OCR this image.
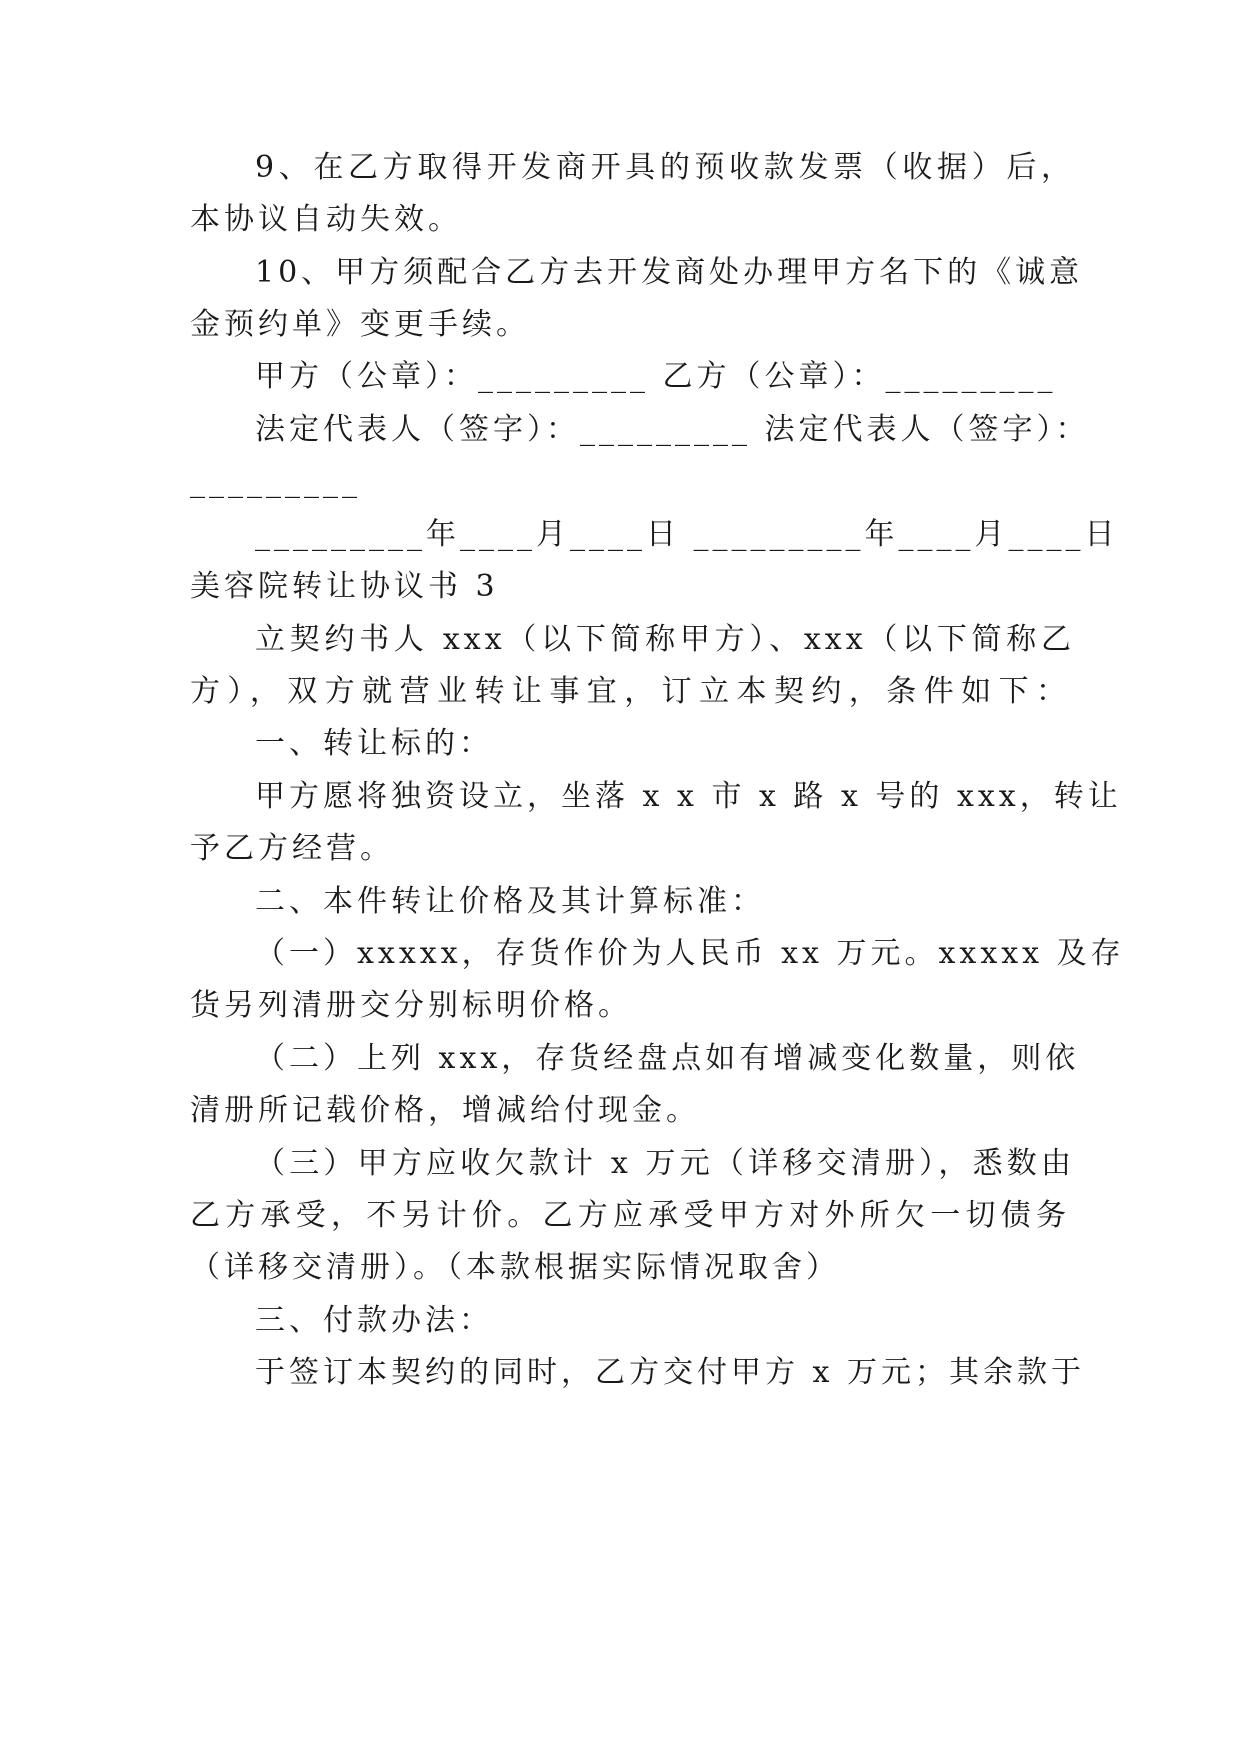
9、在乙方取得开发商开具的预收款发票（收据）后，
本协议自动失效。
10、甲方须配合乙方去开发商处办理甲方名下的《诚意
金预约单》变更手续。
甲方（公章）：_________ 乙方（公章）：_________
法定代表人（签字）：_________ 法定代表人（签字）：
_________
_________年____月____日 _________年____月____日
美容院转让协议书 3
立契约书人 xxx（以下简称甲方）、xxx（以下简称乙
方），双方就营业转让事宜，订立本契约，条件如下：
一、转让标的：
甲方愿将独资设立，坐落 x x 市 x 路 x 号的 xxx，转让
予乙方经营。
二、本件转让价格及其计算标准：
（一）xxxxx，存货作价为人民币 xx 万元。xxxxx 及存
货另列清册交分别标明价格。
（二）上列 xxx，存货经盘点如有增减变化数量，则依
清册所记载价格，增减给付现金。
（三）甲方应收欠款计 x 万元（详移交清册），悉数由
乙方承受，不另计价。乙方应承受甲方对外所欠一切债务
（详移交清册）。（本款根据实际情况取舍）
三、付款办法：
于签订本契约的同时，乙方交付甲方 x 万元；其余款于
